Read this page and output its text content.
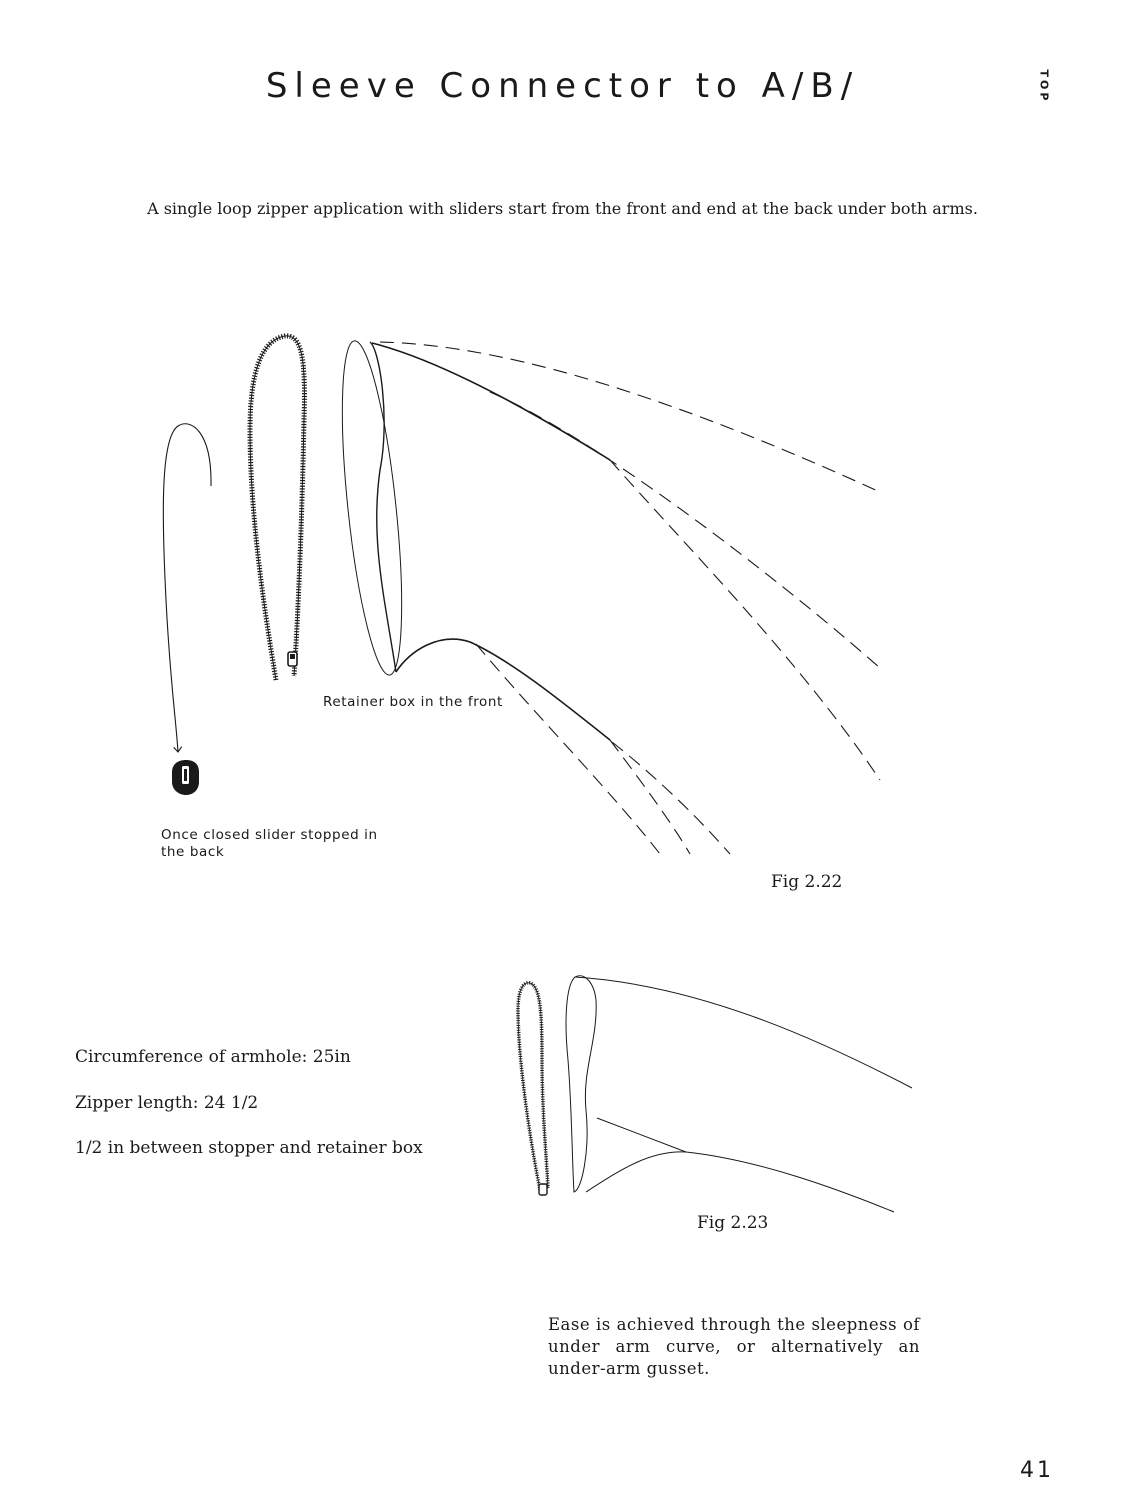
Sleeve Connector to A/B/	TOP
A single loop zipper application with sliders start from the front and end at the back under both arms.
Retainer box in the front
Once closed slider stopped in
the back
Fig 2.22
Circumference of armhole: 25in
Zipper length: 24 1/2
1/2 in between stopper and retainer box
Fig 2.23
Ease is achieved through the sleepness of under arm curve, or alternatively an under-arm gusset.
41
